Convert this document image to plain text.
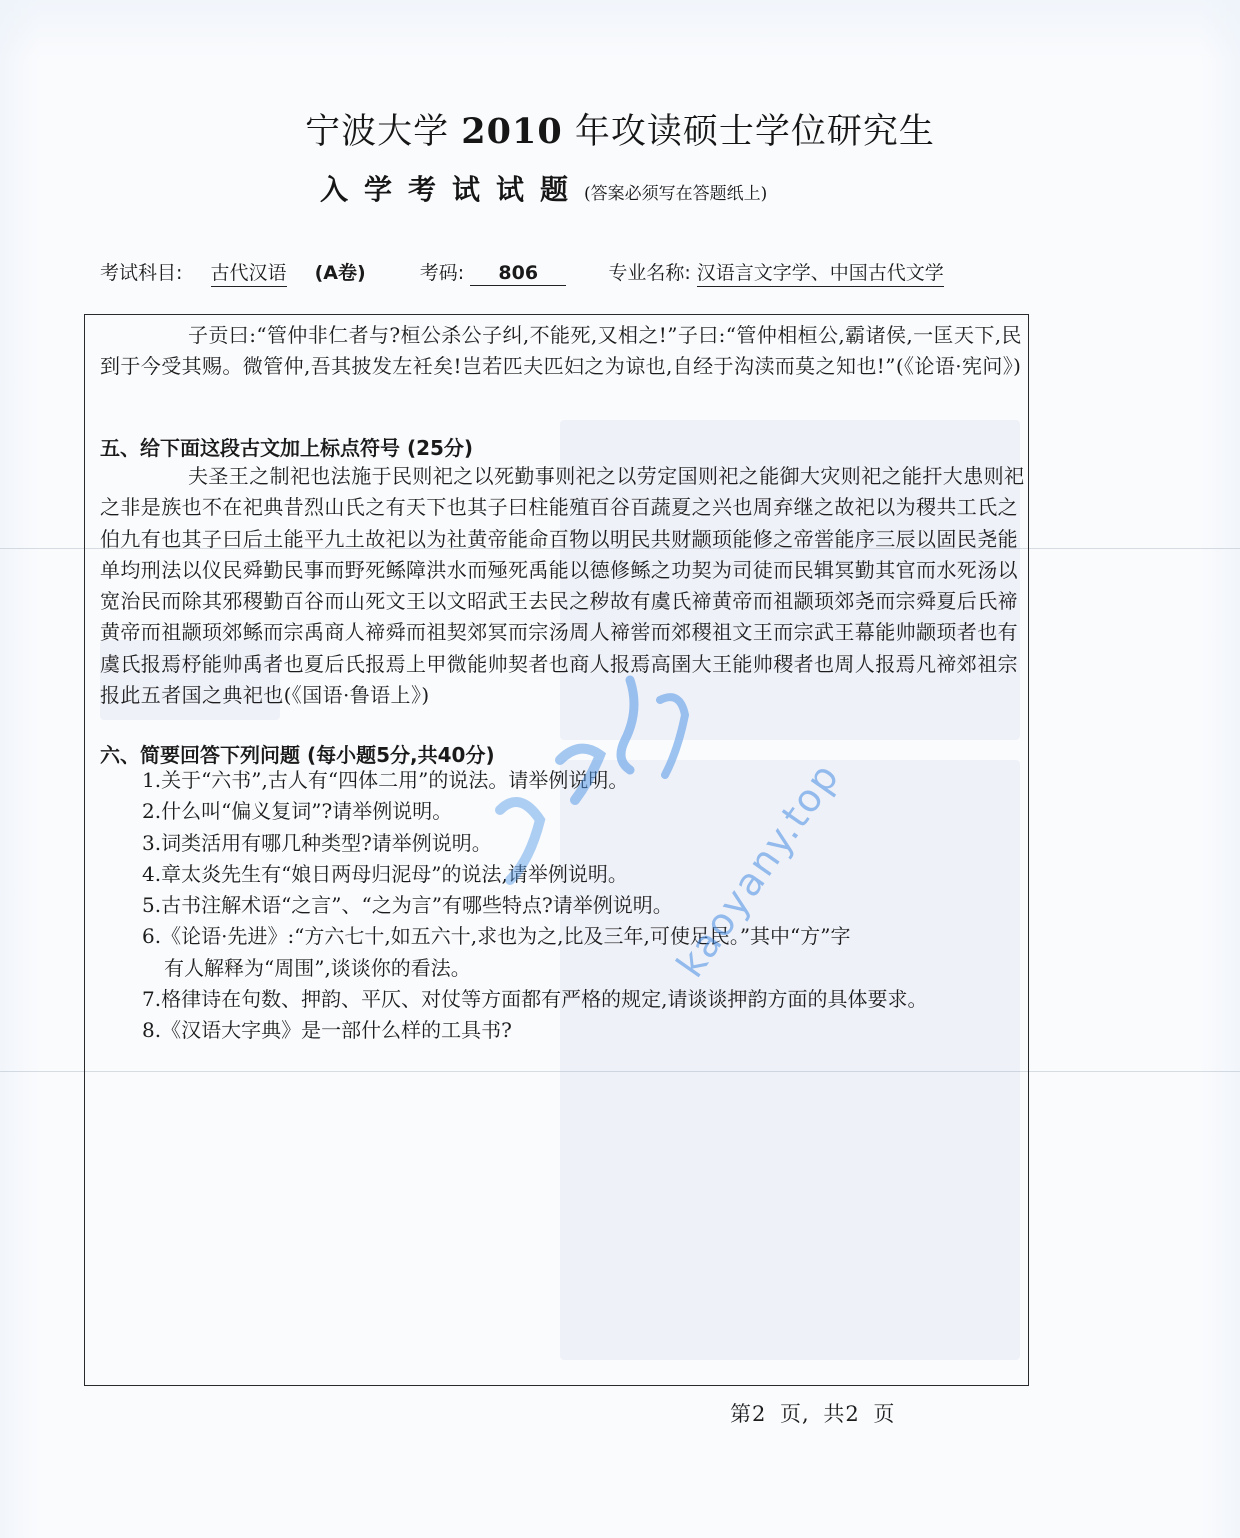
宁波大学 2010 年攻读硕士学位研究生
入学考试试题(答案必须写在答题纸上)
考试科目: 古代汉语 (A卷)	考码: 806	专业名称: 汉语言文字学、中国古代文学
子贡曰:“管仲非仁者与?桓公杀公子纠,不能死,又相之!”子曰:“管仲相桓公,霸诸侯,一匡天下,民到于今受其赐。微管仲,吾其披发左衽矣!岂若匹夫匹妇之为谅也,自经于沟渎而莫之知也!”(《论语·宪问》)
五、给下面这段古文加上标点符号 (25分)
夫圣王之制祀也法施于民则祀之以死勤事则祀之以劳定国则祀之能御大灾则祀之能扞大患则祀之非是族也不在祀典昔烈山氏之有天下也其子曰柱能殖百谷百蔬夏之兴也周弃继之故祀以为稷共工氏之伯九有也其子曰后土能平九土故祀以为社黄帝能命百物以明民共财颛顼能修之帝喾能序三辰以固民尧能单均刑法以仪民舜勤民事而野死鲧障洪水而殛死禹能以德修鲧之功契为司徒而民辑冥勤其官而水死汤以宽治民而除其邪稷勤百谷而山死文王以文昭武王去民之秽故有虞氏禘黄帝而祖颛顼郊尧而宗舜夏后氏禘黄帝而祖颛顼郊鲧而宗禹商人禘舜而祖契郊冥而宗汤周人禘喾而郊稷祖文王而宗武王幕能帅颛顼者也有虞氏报焉杼能帅禹者也夏后氏报焉上甲微能帅契者也商人报焉高圉大王能帅稷者也周人报焉凡禘郊祖宗报此五者国之典祀也(《国语·鲁语上》)
六、简要回答下列问题 (每小题5分,共40分)

1.关于“六书”,古人有“四体二用”的说法。请举例说明。

2.什么叫“偏义复词”?请举例说明。

3.词类活用有哪几种类型?请举例说明。

4.章太炎先生有“娘日两母归泥母”的说法,请举例说明。

5.古书注解术语“之言”、“之为言”有哪些特点?请举例说明。

6.《论语·先进》:“方六七十,如五六十,求也为之,比及三年,可使足民。”其中“方”字

有人解释为“周围”,谈谈你的看法。

7.格律诗在句数、押韵、平仄、对仗等方面都有严格的规定,请谈谈押韵方面的具体要求。

8.《汉语大字典》是一部什么样的工具书?

第2 页, 共2 页
kaoyany.top
